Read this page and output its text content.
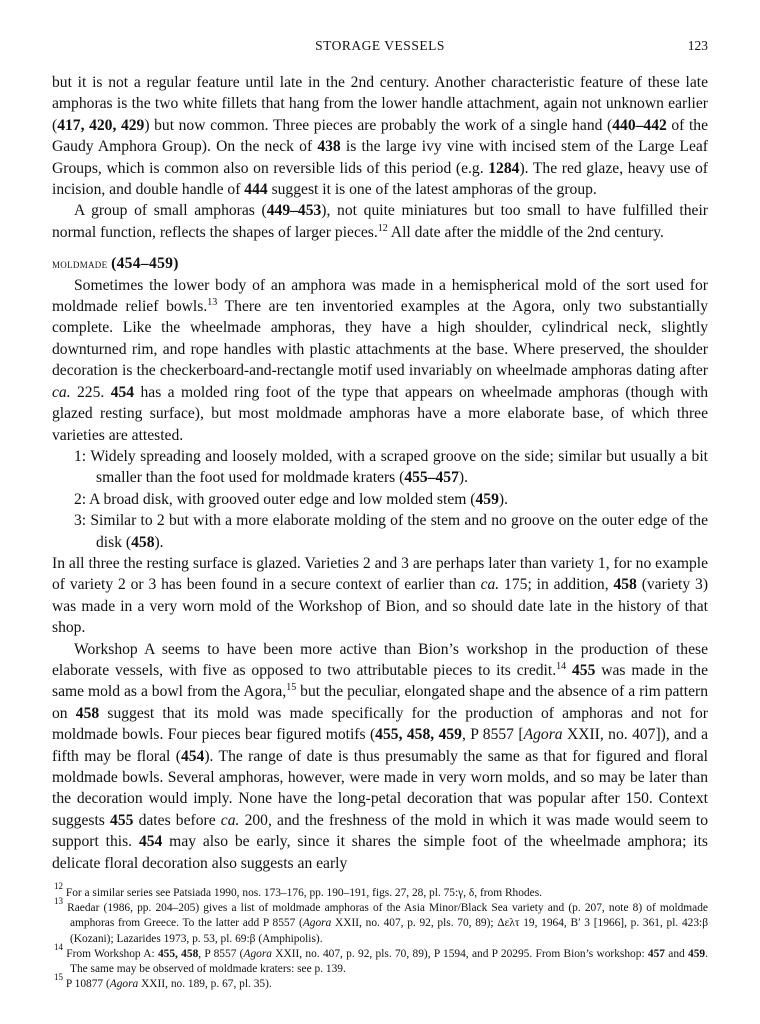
STORAGE VESSELS	123

but it is not a regular feature until late in the 2nd century. Another characteristic feature of these late amphoras is the two white fillets that hang from the lower handle attachment, again not unknown earlier (417, 420, 429) but now common. Three pieces are probably the work of a single hand (440–442 of the Gaudy Amphora Group). On the neck of 438 is the large ivy vine with incised stem of the Large Leaf Groups, which is common also on reversible lids of this period (e.g. 1284). The red glaze, heavy use of incision, and double handle of 444 suggest it is one of the latest amphoras of the group.

A group of small amphoras (449–453), not quite miniatures but too small to have fulfilled their normal function, reflects the shapes of larger pieces.$^{12}$ All date after the middle of the 2nd century.

moldmade (454–459)

Sometimes the lower body of an amphora was made in a hemispherical mold of the sort used for moldmade relief bowls.$^{13}$ There are ten inventoried examples at the Agora, only two substantially complete. Like the wheelmade amphoras, they have a high shoulder, cylindrical neck, slightly downturned rim, and rope handles with plastic attachments at the base. Where preserved, the shoulder decoration is the checkerboard-and-rectangle motif used invariably on wheelmade amphoras dating after ca. 225. 454 has a molded ring foot of the type that appears on wheelmade amphoras (though with glazed resting surface), but most moldmade amphoras have a more elaborate base, of which three varieties are attested.

1: Widely spreading and loosely molded, with a scraped groove on the side; similar but usually a bit smaller than the foot used for moldmade kraters (455–457).
2: A broad disk, with grooved outer edge and low molded stem (459).
3: Similar to 2 but with a more elaborate molding of the stem and no groove on the outer edge of the disk (458).

In all three the resting surface is glazed. Varieties 2 and 3 are perhaps later than variety 1, for no example of variety 2 or 3 has been found in a secure context of earlier than ca. 175; in addition, 458 (variety 3) was made in a very worn mold of the Workshop of Bion, and so should date late in the history of that shop.

Workshop A seems to have been more active than Bion’s workshop in the production of these elaborate vessels, with five as opposed to two attributable pieces to its credit.$^{14}$ 455 was made in the same mold as a bowl from the Agora,$^{15}$ but the peculiar, elongated shape and the absence of a rim pattern on 458 suggest that its mold was made specifically for the production of amphoras and not for moldmade bowls. Four pieces bear figured motifs (455, 458, 459, P 8557 [Agora XXII, no. 407]), and a fifth may be floral (454). The range of date is thus presumably the same as that for figured and floral moldmade bowls. Several amphoras, however, were made in very worn molds, and so may be later than the decoration would imply. None have the long-petal decoration that was popular after 150. Context suggests 455 dates before ca. 200, and the freshness of the mold in which it was made would seem to support this. 454 may also be early, since it shares the simple foot of the wheelmade amphora; its delicate floral decoration also suggests an early

$^{12}$ For a similar series see Patsiada 1990, nos. 173–176, pp. 190–191, figs. 27, 28, pl. 75:γ, δ, from Rhodes.

$^{13}$ Raedar (1986, pp. 204–205) gives a list of moldmade amphoras of the Asia Minor/Black Sea variety and (p. 207, note 8) of moldmade amphoras from Greece. To the latter add P 8557 (Agora XXII, no. 407, p. 92, pls. 70, 89); Δελτ 19, 1964, Β′ 3 [1966], p. 361, pl. 423:β (Kozani); Lazarides 1973, p. 53, pl. 69:β (Amphipolis).

$^{14}$ From Workshop A: 455, 458, P 8557 (Agora XXII, no. 407, p. 92, pls. 70, 89), P 1594, and P 20295. From Bion’s workshop: 457 and 459. The same may be observed of moldmade kraters: see p. 139.

$^{15}$ P 10877 (Agora XXII, no. 189, p. 67, pl. 35).
